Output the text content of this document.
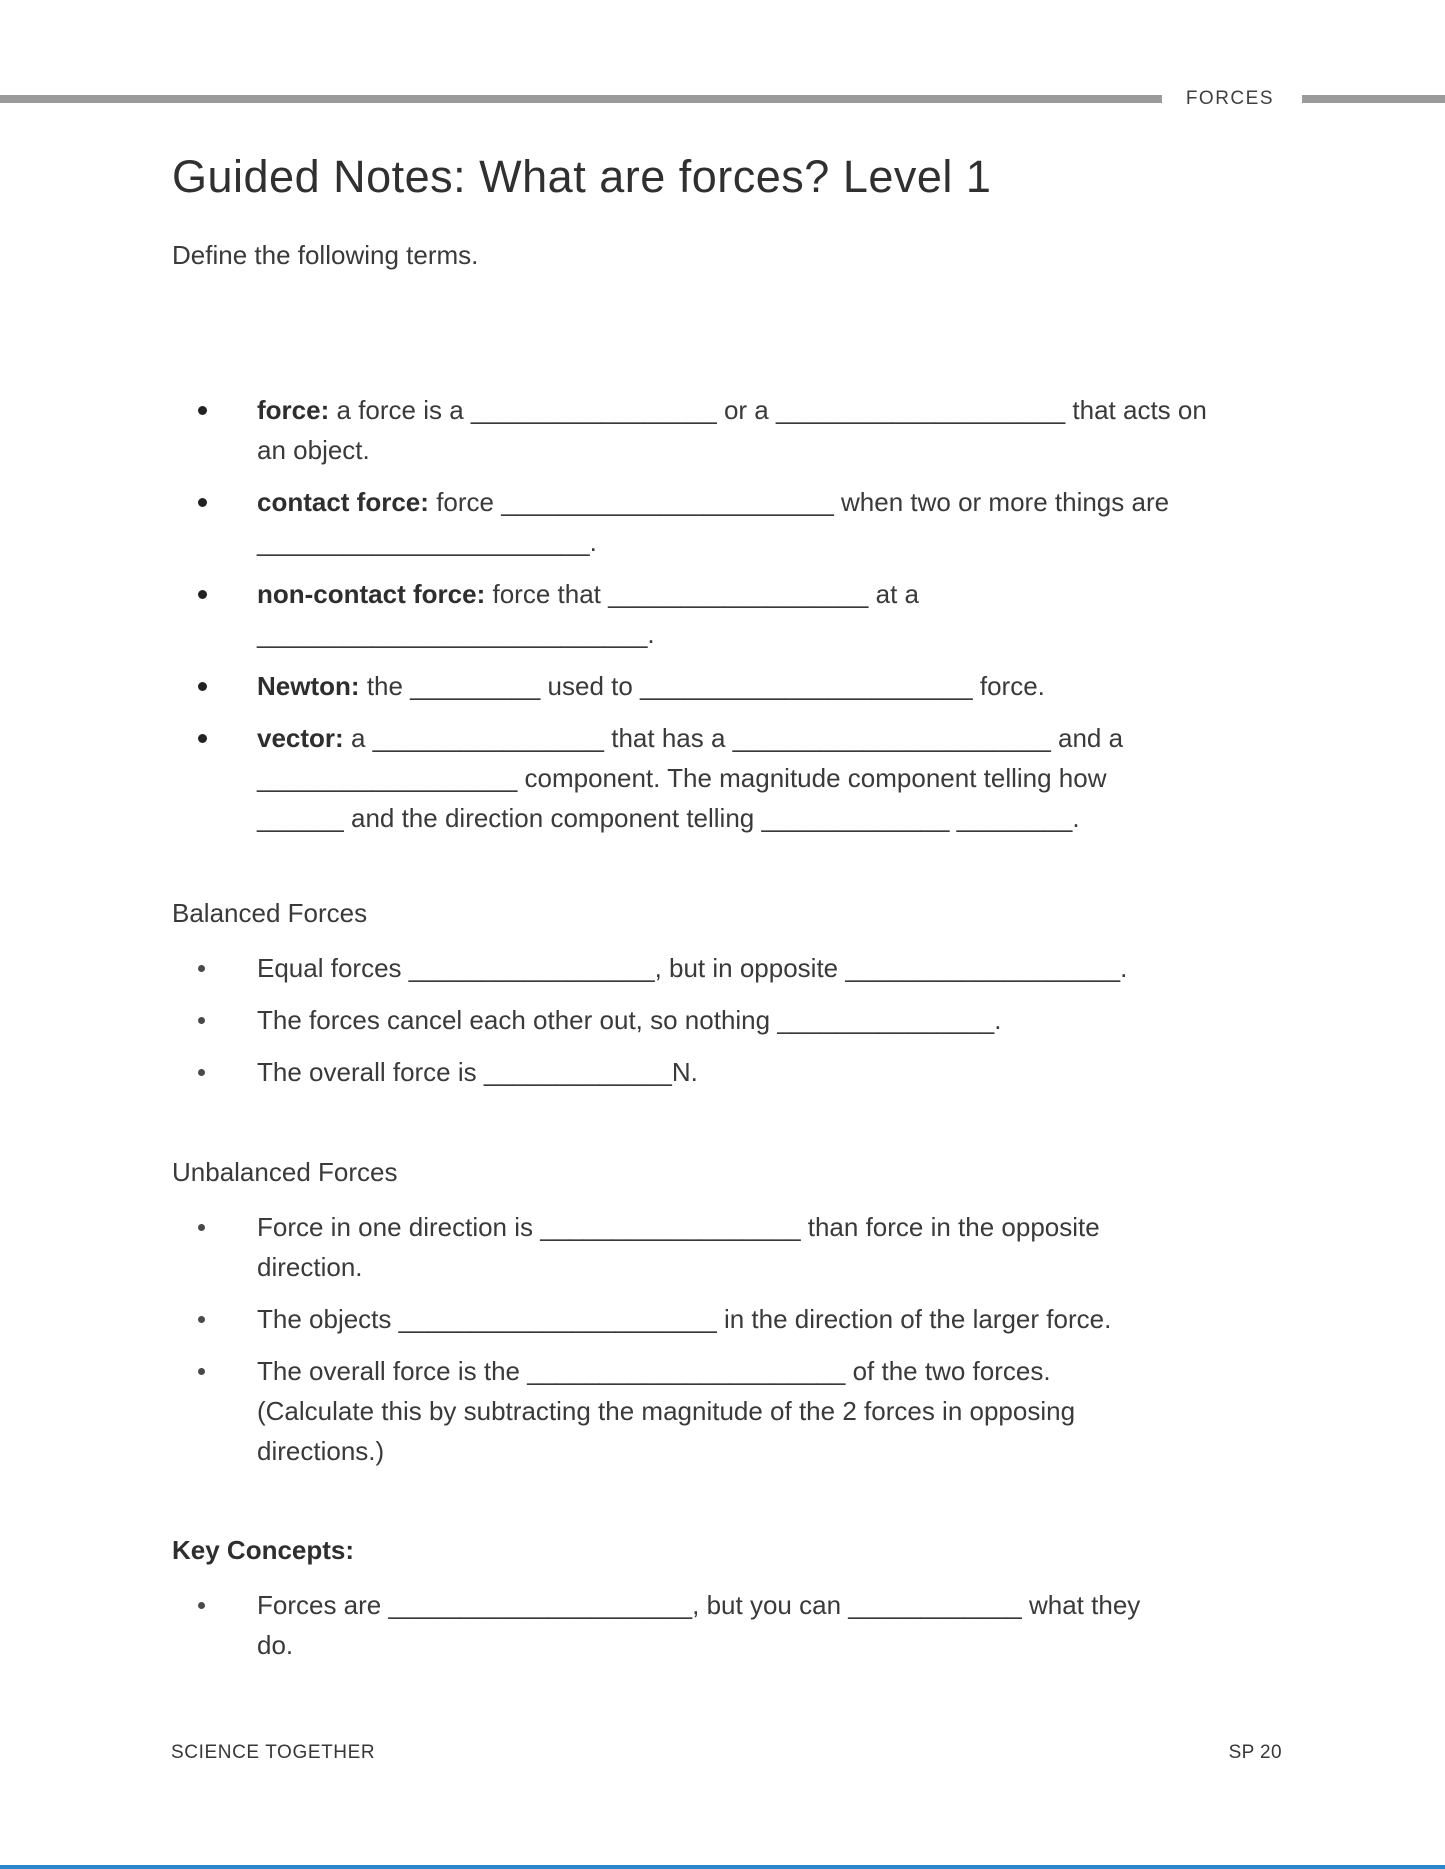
FORCES
Guided Notes: What are forces? Level 1
Define the following terms.
force: a force is a _________________ or a ____________________ that acts on
an object.
contact force: force _______________________ when two or more things are
_______________________.
non-contact force: force that __________________ at a
___________________________.
Newton: the _________ used to _______________________ force.
vector: a ________________ that has a ______________________ and a
__________________ component. The magnitude component telling how
______ and the direction component telling _____________ ________.
Balanced Forces
Equal forces _________________, but in opposite ___________________.
The forces cancel each other out, so nothing _______________.
The overall force is _____________N.
Unbalanced Forces
Force in one direction is __________________ than force in the opposite
direction.
The objects ______________________ in the direction of the larger force.
The overall force is the ______________________ of the two forces.
(Calculate this by subtracting the magnitude of the 2 forces in opposing
directions.)
Key Concepts:
Forces are _____________________, but you can ____________ what they
do.
SCIENCE TOGETHER	SP 20
